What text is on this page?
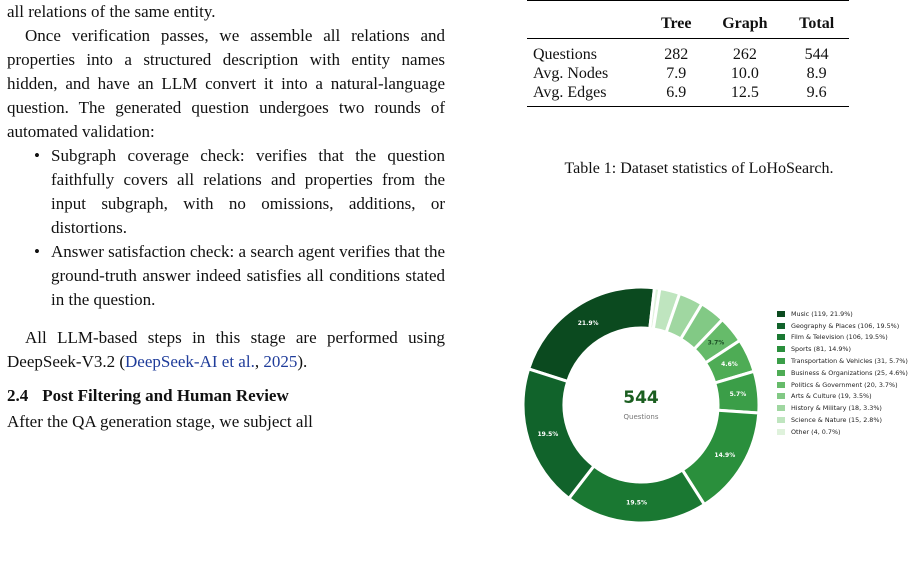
all relations of the same entity.

Once verification passes, we assemble all relations and properties into a structured description with entity names hidden, and have an LLM convert it into a natural-language question. The generated question undergoes two rounds of automated validation:

• Subgraph coverage check: verifies that the question faithfully covers all relations and properties from the input subgraph, with no omissions, additions, or distortions.

• Answer satisfaction check: a search agent verifies that the ground-truth answer indeed satisfies all conditions stated in the question.

All LLM-based steps in this stage are performed using DeepSeek-V3.2 (DeepSeek-AI et al., 2025).

2.4 Post Filtering and Human Review

After the QA generation stage, we subject all

	Tree	Graph	Total
Questions	282	262	544
Avg. Nodes	7.9	10.0	8.9
Avg. Edges	6.9	12.5	9.6
Table 1: Dataset statistics of LoHoSearch.
21.9%
3.7%
4.6%
5.7%
14.9%
19.5%
19.5%
544
Questions
Music (119, 21.9%)
Geography & Places (106, 19.5%)
Film & Television (106, 19.5%)
Sports (81, 14.9%)
Transportation & Vehicles (31, 5.7%)
Business & Organizations (25, 4.6%)
Politics & Government (20, 3.7%)
Arts & Culture (19, 3.5%)
History & Military (18, 3.3%)
Science & Nature (15, 2.8%)
Other (4, 0.7%)
